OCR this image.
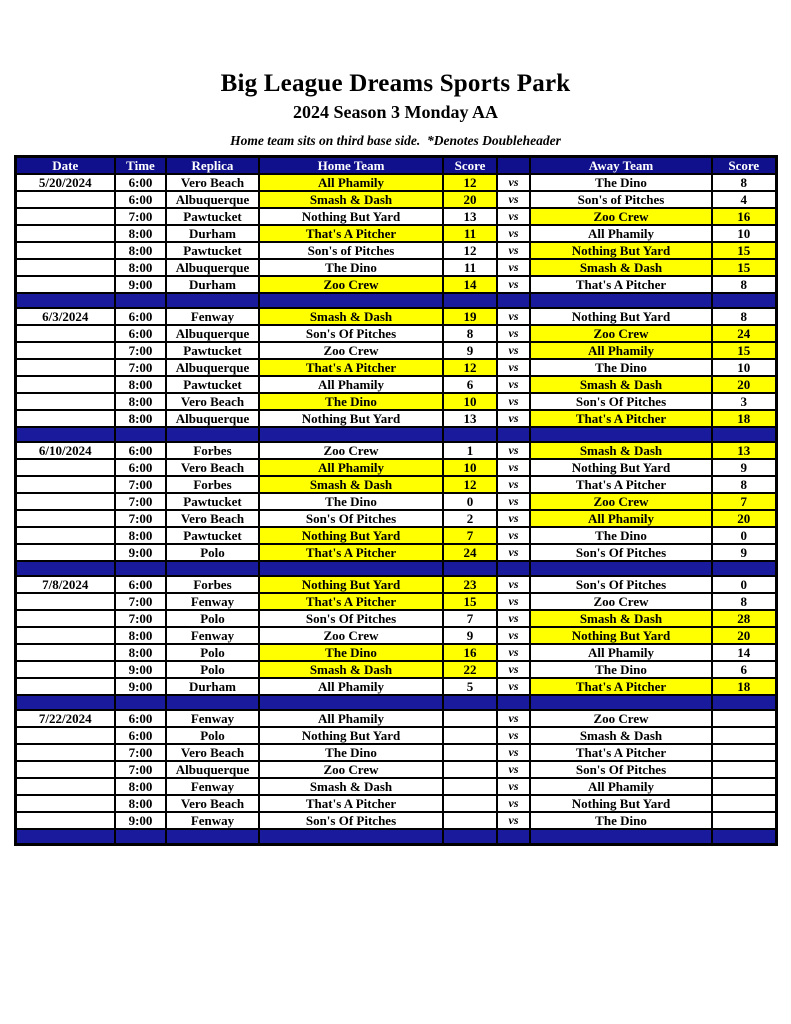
Big League Dreams Sports Park
2024 Season 3 Monday AA
Home team sits on third base side.  *Denotes Doubleheader
Date	Time	Replica	Home Team	Score		Away Team	Score
5/20/2024	6:00	Vero Beach	All Phamily	12	vs	The Dino	8
	6:00	Albuquerque	Smash & Dash	20	vs	Son's of Pitches	4
	7:00	Pawtucket	Nothing But Yard	13	vs	Zoo Crew	16
	8:00	Durham	That's A Pitcher	11	vs	All Phamily	10
	8:00	Pawtucket	Son's of Pitches	12	vs	Nothing But Yard	15
	8:00	Albuquerque	The Dino	11	vs	Smash & Dash	15
	9:00	Durham	Zoo Crew	14	vs	That's A Pitcher	8

6/3/2024	6:00	Fenway	Smash & Dash	19	vs	Nothing But Yard	8
	6:00	Albuquerque	Son's Of Pitches	8	vs	Zoo Crew	24
	7:00	Pawtucket	Zoo Crew	9	vs	All Phamily	15
	7:00	Albuquerque	That's A Pitcher	12	vs	The Dino	10
	8:00	Pawtucket	All Phamily	6	vs	Smash & Dash	20
	8:00	Vero Beach	The Dino	10	vs	Son's Of Pitches	3
	8:00	Albuquerque	Nothing But Yard	13	vs	That's A Pitcher	18

6/10/2024	6:00	Forbes	Zoo Crew	1	vs	Smash & Dash	13
	6:00	Vero Beach	All Phamily	10	vs	Nothing But Yard	9
	7:00	Forbes	Smash & Dash	12	vs	That's A Pitcher	8
	7:00	Pawtucket	The Dino	0	vs	Zoo Crew	7
	7:00	Vero Beach	Son's Of Pitches	2	vs	All Phamily	20
	8:00	Pawtucket	Nothing But Yard	7	vs	The Dino	0
	9:00	Polo	That's A Pitcher	24	vs	Son's Of Pitches	9

7/8/2024	6:00	Forbes	Nothing But Yard	23	vs	Son's Of Pitches	0
	7:00	Fenway	That's A Pitcher	15	vs	Zoo Crew	8
	7:00	Polo	Son's Of Pitches	7	vs	Smash & Dash	28
	8:00	Fenway	Zoo Crew	9	vs	Nothing But Yard	20
	8:00	Polo	The Dino	16	vs	All Phamily	14
	9:00	Polo	Smash & Dash	22	vs	The Dino	6
	9:00	Durham	All Phamily	5	vs	That's A Pitcher	18

7/22/2024	6:00	Fenway	All Phamily		vs	Zoo Crew	
	6:00	Polo	Nothing But Yard		vs	Smash & Dash	
	7:00	Vero Beach	The Dino		vs	That's A Pitcher	
	7:00	Albuquerque	Zoo Crew		vs	Son's Of Pitches	
	8:00	Fenway	Smash & Dash		vs	All Phamily	
	8:00	Vero Beach	That's A Pitcher		vs	Nothing But Yard	
	9:00	Fenway	Son's Of Pitches		vs	The Dino	
